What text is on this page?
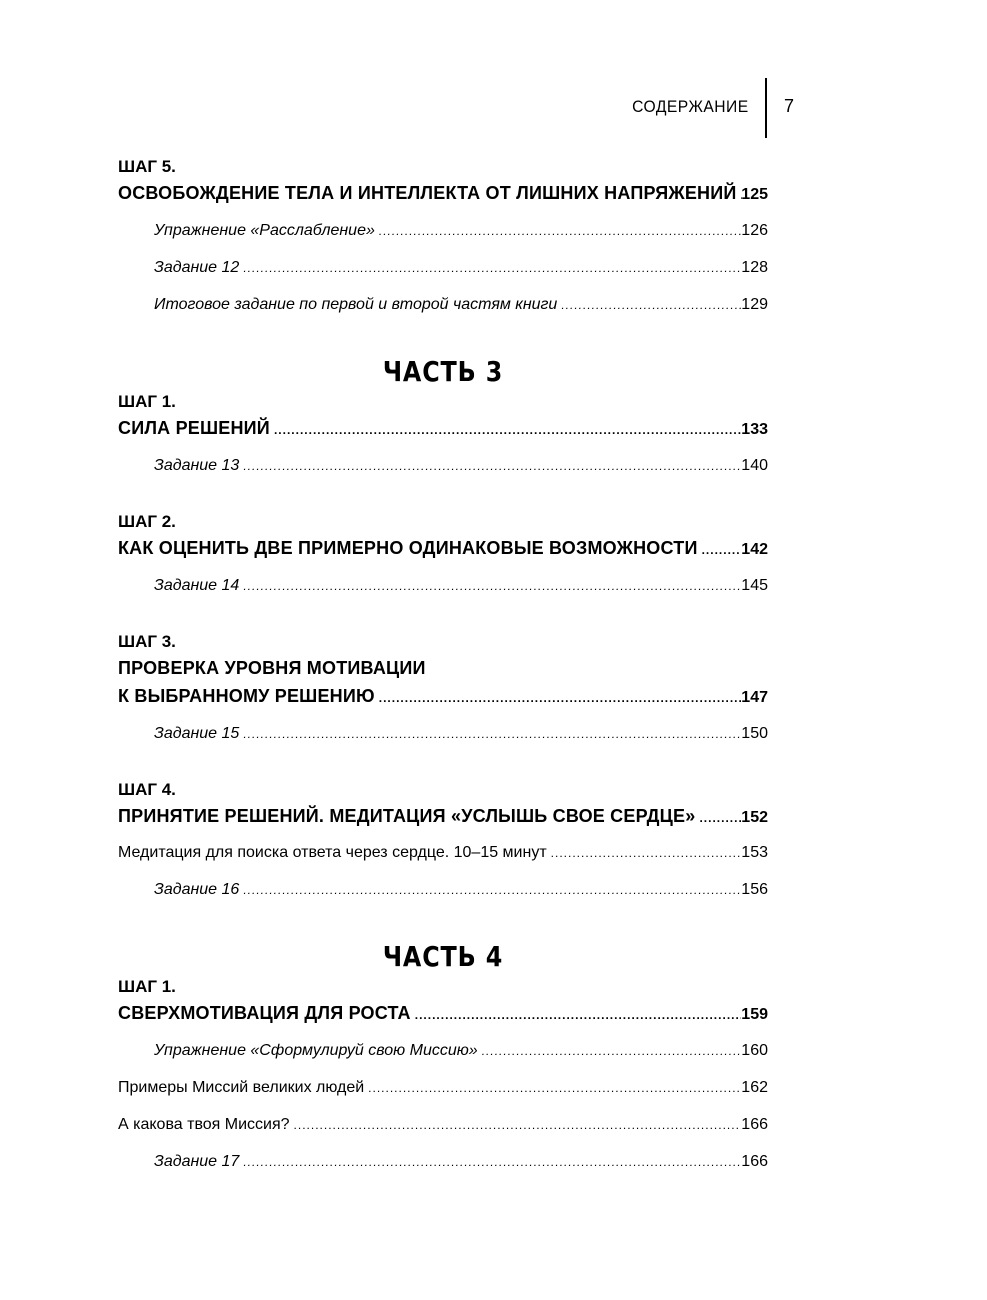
СОДЕРЖАНИЕ 7
ШАГ 5.
ОСВОБОЖДЕНИЕ ТЕЛА И ИНТЕЛЛЕКТА ОТ ЛИШНИХ НАПРЯЖЕНИЙ ..... 125
Упражнение «Расслабление» .....	126
Задание 12 .....	128
Итоговое задание по первой и второй частям книги .....	129
ЧАСТЬ 3
ШАГ 1.
СИЛА РЕШЕНИЙ .....	133
Задание 13 .....	140
ШАГ 2.
КАК ОЦЕНИТЬ ДВЕ ПРИМЕРНО ОДИНАКОВЫЕ ВОЗМОЖНОСТИ .....	142
Задание 14 .....	145
ШАГ 3.
ПРОВЕРКА УРОВНЯ МОТИВАЦИИ
К ВЫБРАННОМУ РЕШЕНИЮ .....	147
Задание 15 .....	150
ШАГ 4.
ПРИНЯТИЕ РЕШЕНИЙ. МЕДИТАЦИЯ «УСЛЫШЬ СВОЕ СЕРДЦЕ» .....	152
Медитация для поиска ответа через сердце. 10–15 минут .....	153
Задание 16 .....	156
ЧАСТЬ 4
ШАГ 1.
СВЕРХМОТИВАЦИЯ ДЛЯ РОСТА .....	159
Упражнение «Сформулируй свою Миссию» .....	160
Примеры Миссий великих людей .....	162
А какова твоя Миссия? .....	166
Задание 17 .....	166
